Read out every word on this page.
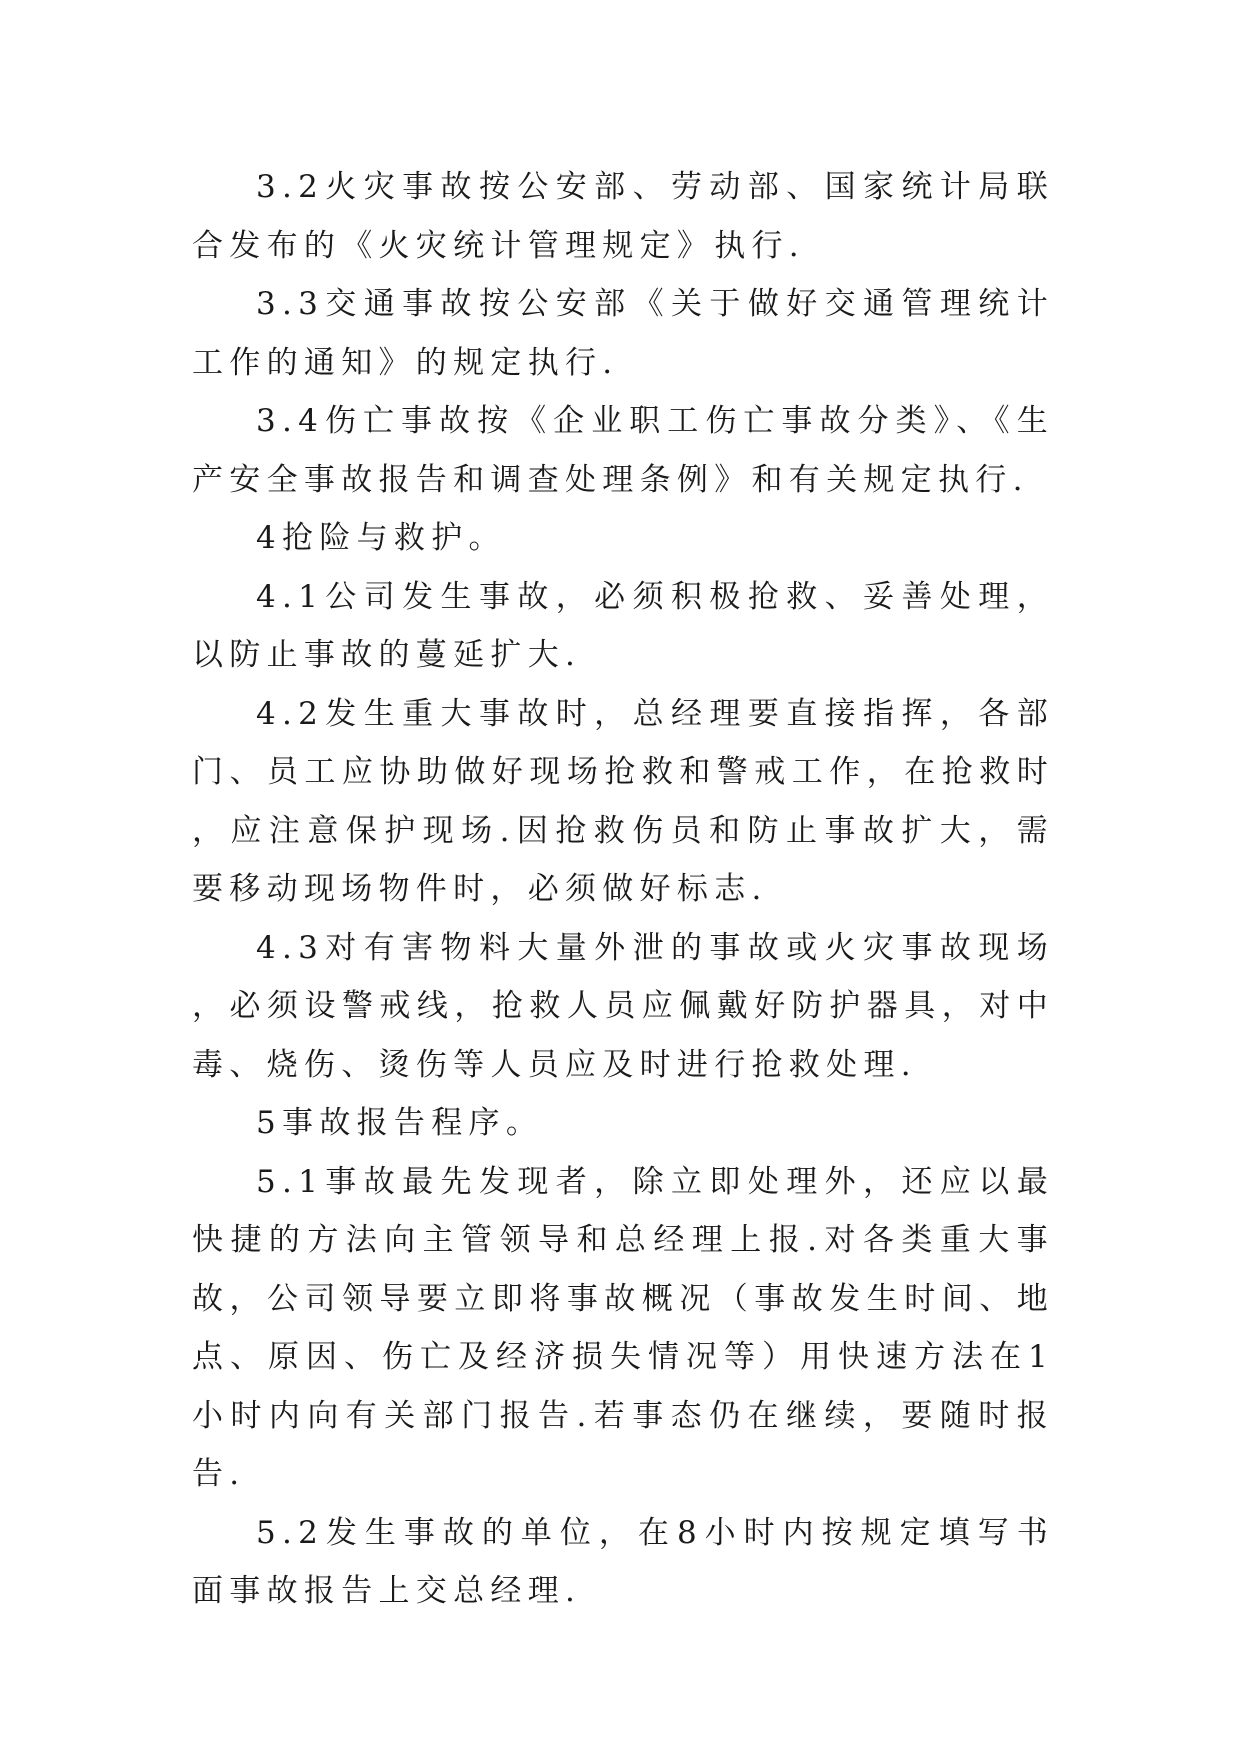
3.2火灾事故按公安部、劳动部、国家统计局联合发布的《火灾统计管理规定》执行.

3.3交通事故按公安部《关于做好交通管理统计工作的通知》的规定执行.

3.4伤亡事故按《企业职工伤亡事故分类》、《生产安全事故报告和调查处理条例》和有关规定执行.

4抢险与救护。

4.1公司发生事故，必须积极抢救、妥善处理，以防止事故的蔓延扩大.

4.2发生重大事故时，总经理要直接指挥，各部门、员工应协助做好现场抢救和警戒工作，在抢救时，应注意保护现场.因抢救伤员和防止事故扩大，需要移动现场物件时，必须做好标志.

4.3对有害物料大量外泄的事故或火灾事故现场，必须设警戒线，抢救人员应佩戴好防护器具，对中毒、烧伤、烫伤等人员应及时进行抢救处理.

5事故报告程序。

5.1事故最先发现者，除立即处理外，还应以最快捷的方法向主管领导和总经理上报.对各类重大事故，公司领导要立即将事故概况（事故发生时间、地点、原因、伤亡及经济损失情况等）用快速方法在1小时内向有关部门报告.若事态仍在继续，要随时报告.

5.2发生事故的单位，在8小时内按规定填写书面事故报告上交总经理.
